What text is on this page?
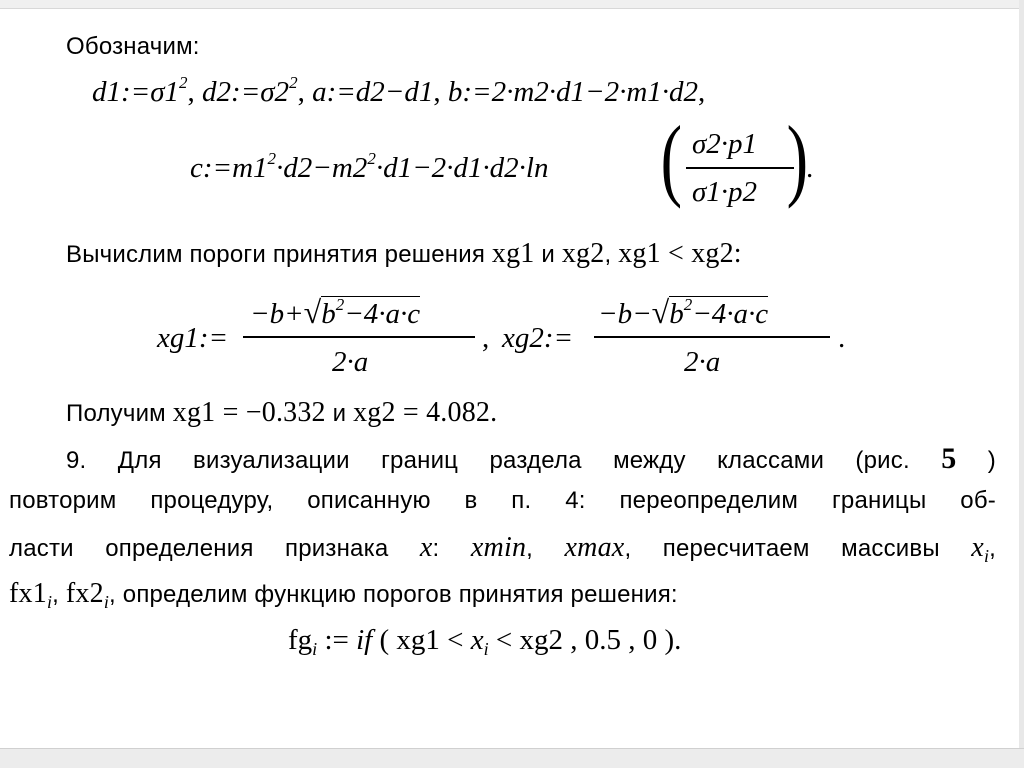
Обозначим:
$d1:=\sigma 1^2$, $d2:=\sigma 2^2$, a:=d2−d1, b:=2·m2·d1−2·m1·d2,
$c:=m1^2\cdot d2-m2^2\cdot d1-2\cdot d1\cdot d2\cdot\ln$ ( σ2·p1
σ1·p2 )
.
Вычислим пороги принятия решения xg1 и xg2, xg1 < xg2:
xg1:=
$-b+√b^2-4\cdot a\cdot c$
2·a
, xg2:=
$-b-√b^2-4\cdot a\cdot c$
2·a
.
Получим xg1 = −0.332 и xg2 = 4.082.
9. Для визуализации границ раздела между классами (рис. 5 )
повторим процедуру, описанную в п. 4: переопределим границы об-
ласти определения признака x: xmin, xmax, пересчитаем массивы $x_i$,
$fx1_i$, $fx2_i$, определим функцию порогов принятия решения:
$fg_i$ := if ( $xg1 < x_i < xg2$ , 0.5 , 0 ).
